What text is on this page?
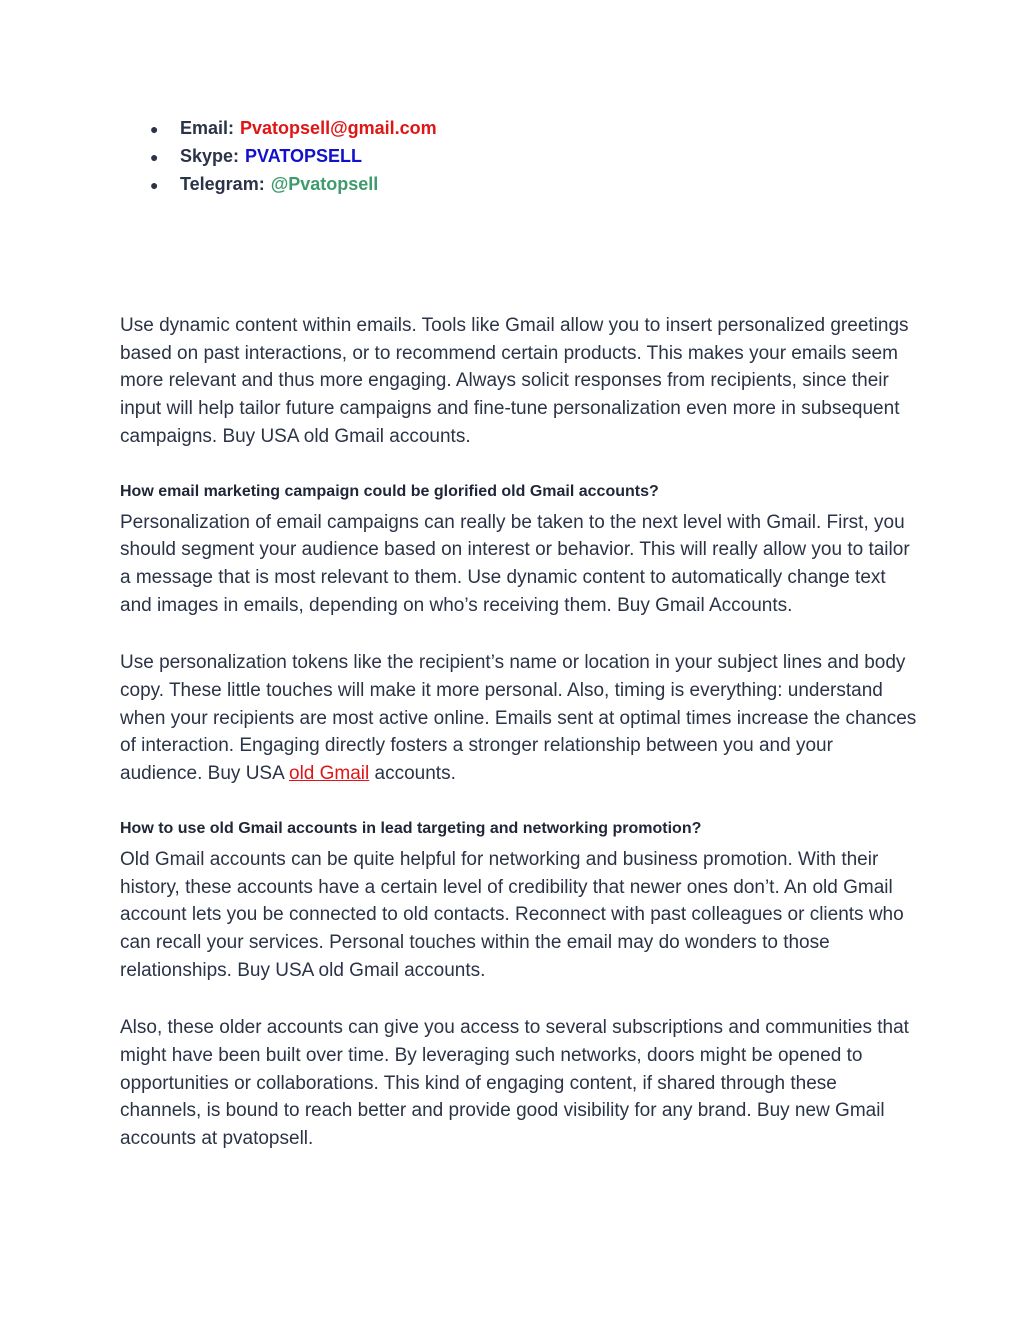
●	Email: Pvatopsell@gmail.com
●	Skype: PVATOPSELL
●	Telegram: @Pvatopsell

Use dynamic content within emails. Tools like Gmail allow you to insert personalized greetings based on past interactions, or to recommend certain products. This makes your emails seem more relevant and thus more engaging. Always solicit responses from recipients, since their input will help tailor future campaigns and fine-tune personalization even more in subsequent campaigns. Buy USA old Gmail accounts.

How email marketing campaign could be glorified old Gmail accounts?

Personalization of email campaigns can really be taken to the next level with Gmail. First, you should segment your audience based on interest or behavior. This will really allow you to tailor a message that is most relevant to them. Use dynamic content to automatically change text and images in emails, depending on who’s receiving them. Buy Gmail Accounts.

Use personalization tokens like the recipient’s name or location in your subject lines and body copy. These little touches will make it more personal. Also, timing is everything: understand when your recipients are most active online. Emails sent at optimal times increase the chances of interaction. Engaging directly fosters a stronger relationship between you and your audience. Buy USA old Gmail accounts.

How to use old Gmail accounts in lead targeting and networking promotion?

Old Gmail accounts can be quite helpful for networking and business promotion. With their history, these accounts have a certain level of credibility that newer ones don’t. An old Gmail account lets you be connected to old contacts. Reconnect with past colleagues or clients who can recall your services. Personal touches within the email may do wonders to those relationships. Buy USA old Gmail accounts.

Also, these older accounts can give you access to several subscriptions and communities that might have been built over time. By leveraging such networks, doors might be opened to opportunities or collaborations. This kind of engaging content, if shared through these channels, is bound to reach better and provide good visibility for any brand. Buy new Gmail accounts at pvatopsell.
